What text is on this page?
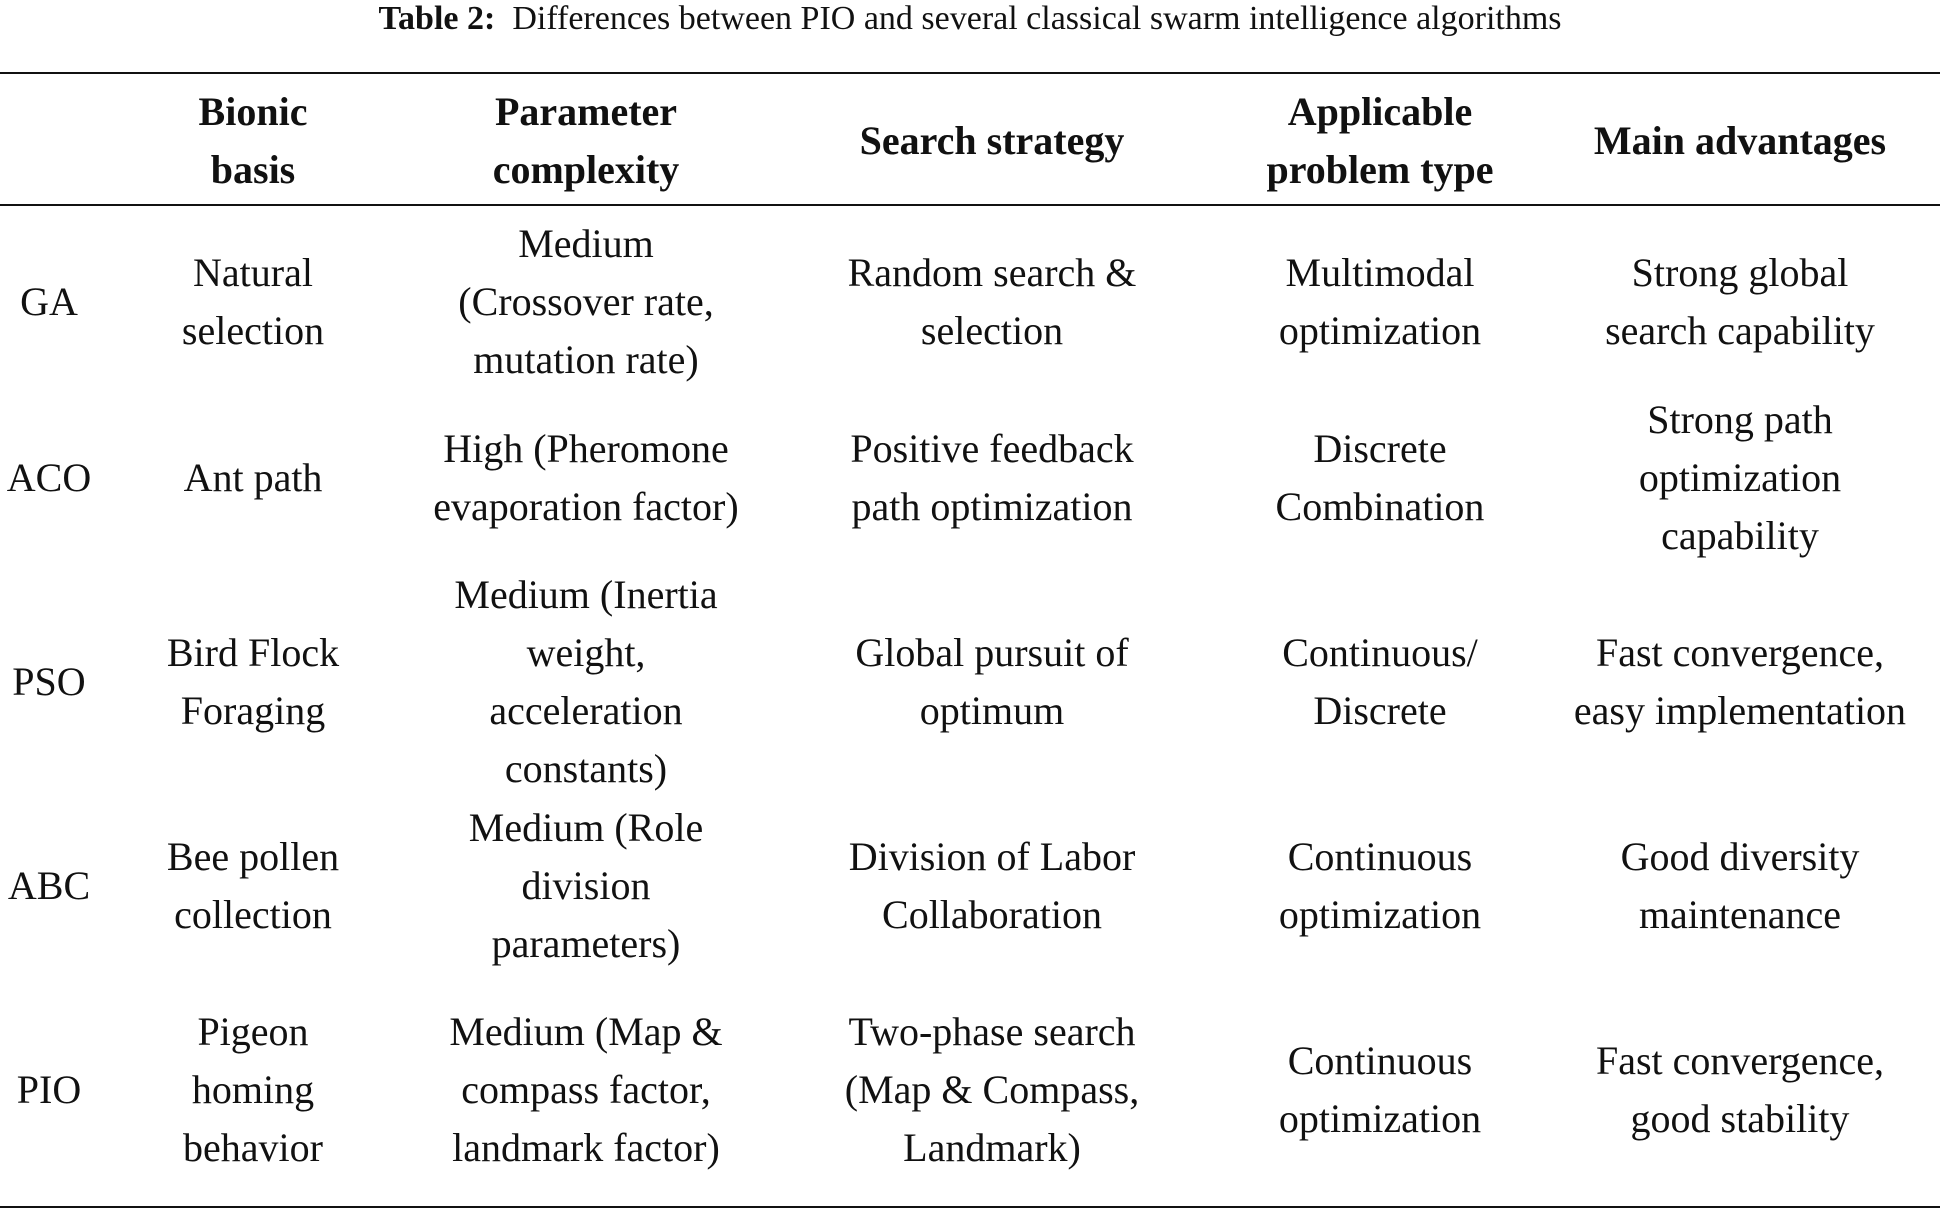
Table 2: Differences between PIO and several classical swarm intelligence algorithms
Bionic basis
Parameter complexity
Search strategy
Applicable problem type
Main advantages
GA
Natural selection
Medium (Crossover rate, mutation rate)
Random search & selection
Multimodal optimization
Strong global search capability
ACO	Ant path
High (Pheromone evaporation factor)
Positive feedback path optimization
Discrete Combination
Strong path optimization capability
PSO
Bird Flock Foraging
Medium (Inertia weight, acceleration constants)
Global pursuit of optimum
Continuous/ Discrete
Fast convergence, easy implementation
ABC
Bee pollen collection
Medium (Role division parameters)
Division of Labor Collaboration
Continuous optimization
Good diversity maintenance
PIO
Pigeon homing behavior
Medium (Map & compass factor, landmark factor)
Two-phase search (Map & Compass, Landmark)
Continuous optimization
Fast convergence, good stability
